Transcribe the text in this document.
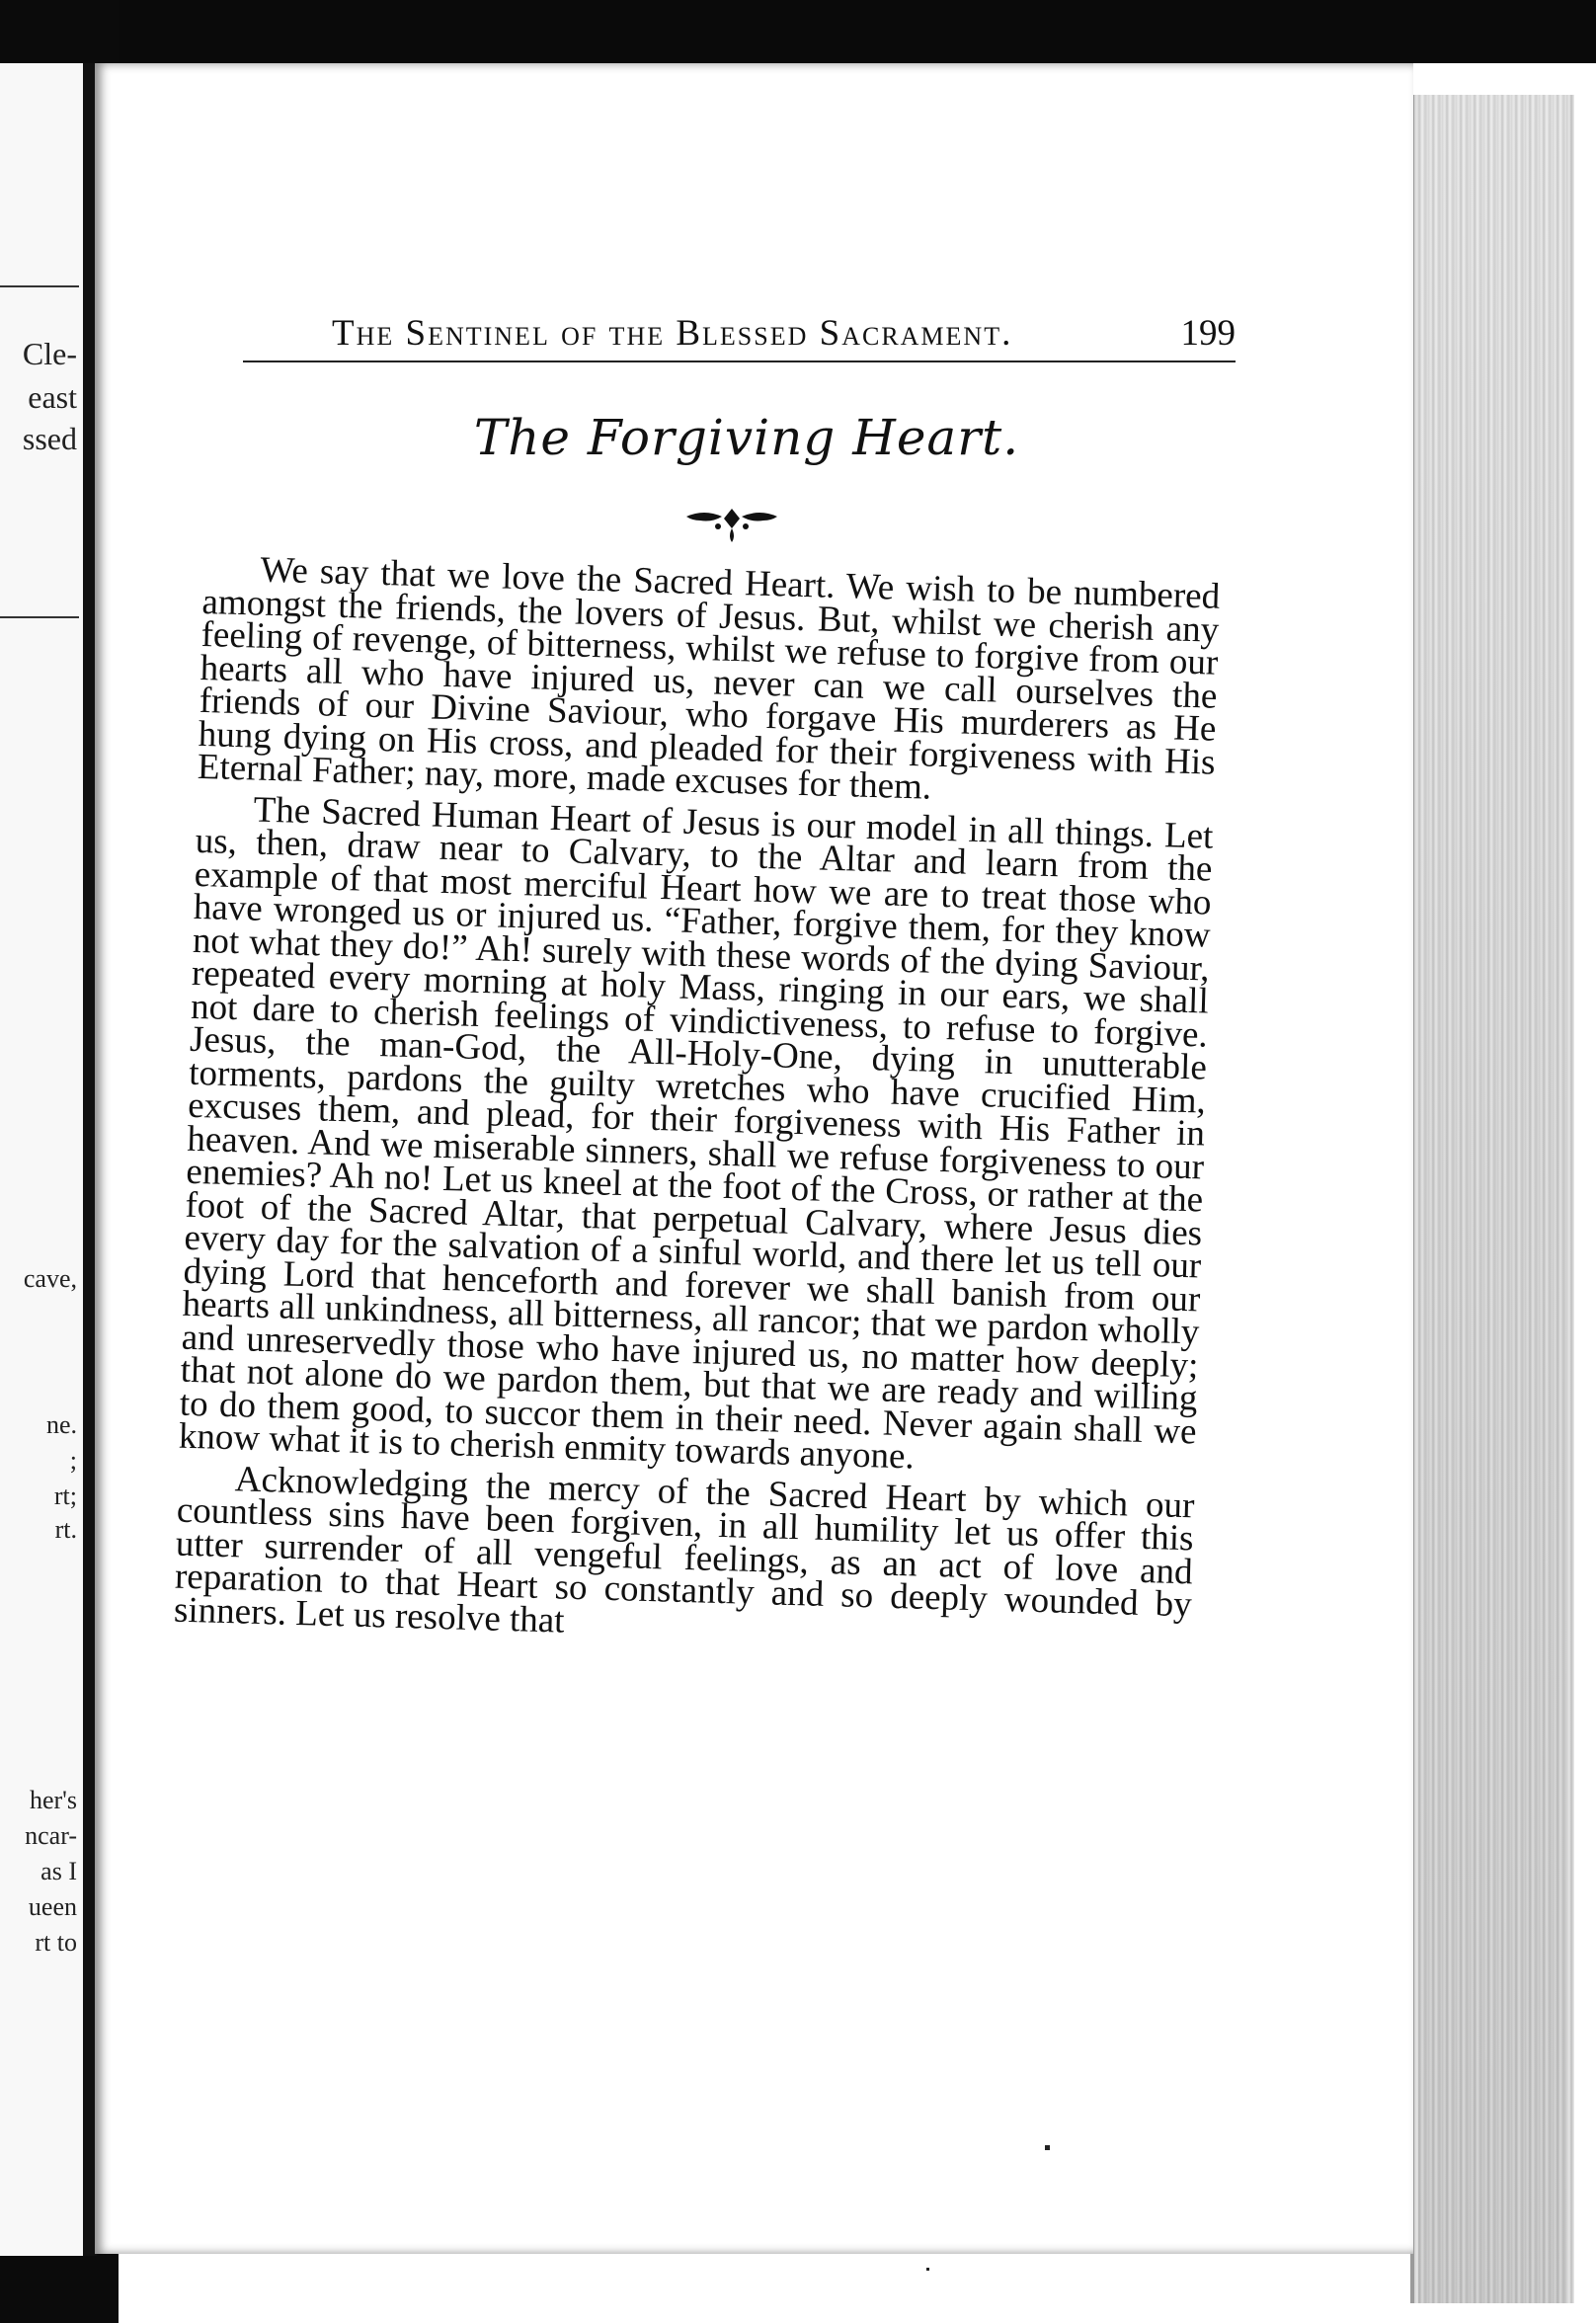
Cle-
east
ssed
cave,
ne.
;
rt;
rt.
her's
ncar-
as I
ueen
rt to
The Sentinel of the Blessed Sacrament.	199
The Forgiving Heart.

We say that we love the Sacred Heart. We wish to be numbered amongst the friends, the lovers of Jesus. But, whilst we cherish any feeling of revenge, of bitterness, whilst we refuse to forgive from our hearts all who have injured us, never can we call ourselves the friends of our Divine Saviour, who forgave His murderers as He hung dying on His cross, and pleaded for their forgiveness with His Eternal Father; nay, more, made excuses for them.

The Sacred Human Heart of Jesus is our model in all things. Let us, then, draw near to Calvary, to the Altar and learn from the example of that most merciful Heart how we are to treat those who have wronged us or injured us. “Father, forgive them, for they know not what they do!” Ah! surely with these words of the dying Saviour, repeated every morning at holy Mass, ringing in our ears, we shall not dare to cherish feelings of vindictiveness, to refuse to forgive. Jesus, the man-God, the All-Holy-One, dying in unutterable torments, pardons the guilty wretches who have crucified Him, excuses them, and plead, for their forgiveness with His Father in heaven. And we miserable sinners, shall we refuse forgiveness to our enemies? Ah no! Let us kneel at the foot of the Cross, or rather at the foot of the Sacred Altar, that perpetual Calvary, where Jesus dies every day for the salvation of a sinful world, and there let us tell our dying Lord that henceforth and forever we shall banish from our hearts all unkindness, all bitterness, all rancor; that we pardon wholly and unreservedly those who have injured us, no matter how deeply; that not alone do we pardon them, but that we are ready and willing to do them good, to succor them in their need. Never again shall we know what it is to cherish enmity towards anyone.

Acknowledging the mercy of the Sacred Heart by which our countless sins have been forgiven, in all humility let us offer this utter surrender of all vengeful feelings, as an act of love and reparation to that Heart so constantly and so deeply wounded by sinners. Let us resolve that
